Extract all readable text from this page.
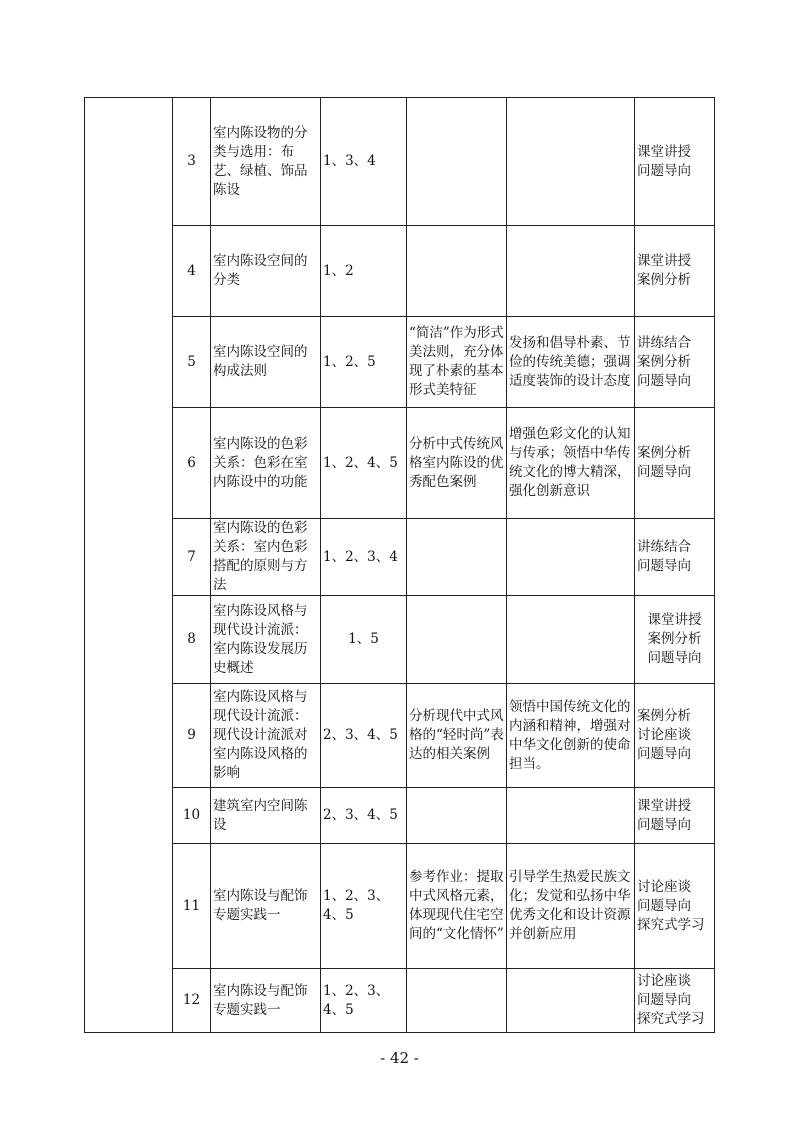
	3	室内陈设物的分类与选用：布艺、绿植、饰品陈设	1、3、4			课堂讲授
问题导向

	4	室内陈设空间的分类	1、2			课堂讲授
案例分析

	5	室内陈设空间的构成法则	1、2、5	“简洁”作为形式美法则，充分体现了朴素的基本形式美特征	发扬和倡导朴素、节俭的传统美德；强调适度装饰的设计态度	讲练结合
案例分析
问题导向

	6	室内陈设的色彩关系：色彩在室内陈设中的功能	1、2、4、5	分析中式传统风格室内陈设的优秀配色案例	增强色彩文化的认知与传承；领悟中华传统文化的博大精深，强化创新意识	案例分析
问题导向

	7	室内陈设的色彩关系：室内色彩搭配的原则与方法	1、2、3、4			讲练结合
问题导向

	8	室内陈设风格与现代设计流派：室内陈设发展历史概述	1、5			课堂讲授
案例分析
问题导向

	9	室内陈设风格与现代设计流派：现代设计流派对室内陈设风格的影响	2、3、4、5	分析现代中式风格的“轻时尚”表达的相关案例	领悟中国传统文化的内涵和精神，增强对中华文化创新的使命担当。	案例分析
讨论座谈
问题导向

	10	建筑室内空间陈设	2、3、4、5			课堂讲授
问题导向

	11	室内陈设与配饰专题实践一	1、2、3、4、5	参考作业：提取中式风格元素，体现现代住宅空间的“文化情怀”	引导学生热爱民族文化；发觉和弘扬中华优秀文化和设计资源并创新应用	讨论座谈
问题导向
探究式学习

	12	室内陈设与配饰专题实践一	1、2、3、4、5			讨论座谈
问题导向
探究式学习
- 42 -
